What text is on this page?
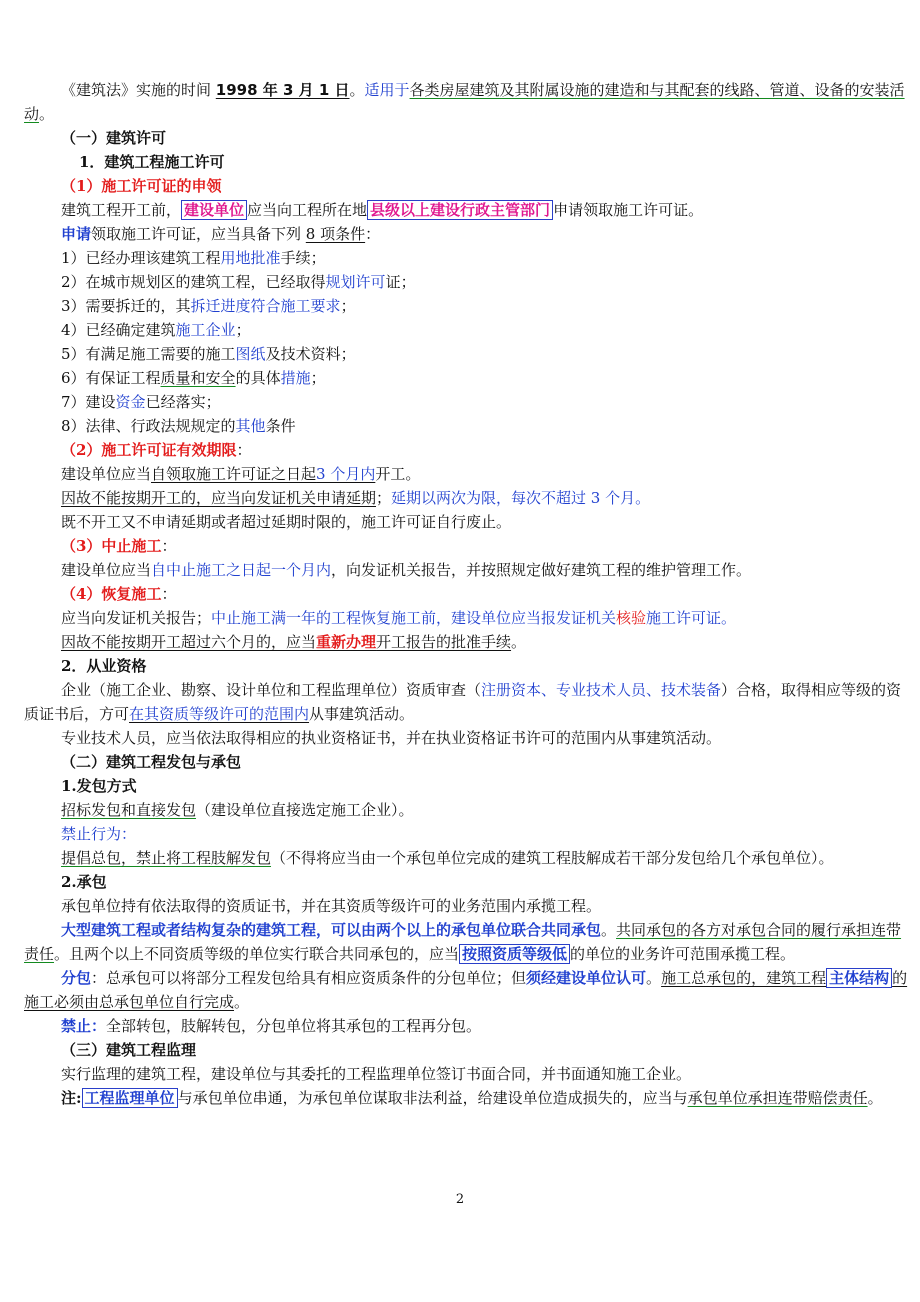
《建筑法》实施的时间 1998 年 3 月 1 日。适用于各类房屋建筑及其附属设施的建造和与其配套的线路、管道、设备的安装活动。

（一）建筑许可

1．建筑工程施工许可

（1）施工许可证的申领

建筑工程开工前， 建设单位 应当向工程所在地 县级以上建设行政主管部门 申请领取施工许可证。

申请领取施工许可证，应当具备下列 8 项条件：

1）已经办理该建筑工程用地批准手续；

2）在城市规划区的建筑工程，已经取得规划许可证；

3）需要拆迁的，其拆迁进度符合施工要求；

4）已经确定建筑施工企业；

5）有满足施工需要的施工图纸及技术资料；

6）有保证工程质量和安全的具体措施；

7）建设资金已经落实；

8）法律、行政法规规定的其他条件

（2）施工许可证有效期限：

建设单位应当自领取施工许可证之日起3 个月内开工。

因故不能按期开工的，应当向发证机关申请延期；延期以两次为限，每次不超过 3 个月。

既不开工又不申请延期或者超过延期时限的，施工许可证自行废止。

（3）中止施工：

建设单位应当自中止施工之日起一个月内，向发证机关报告，并按照规定做好建筑工程的维护管理工作。

（4）恢复施工：

应当向发证机关报告；中止施工满一年的工程恢复施工前，建设单位应当报发证机关核验施工许可证。

因故不能按期开工超过六个月的，应当重新办理开工报告的批准手续。

2．从业资格

企业（施工企业、勘察、设计单位和工程监理单位）资质审查（注册资本、专业技术人员、技术装备）合格，取得相应等级的资质证书后，方可在其资质等级许可的范围内从事建筑活动。

专业技术人员，应当依法取得相应的执业资格证书，并在执业资格证书许可的范围内从事建筑活动。

（二）建筑工程发包与承包

1.发包方式

招标发包和直接发包（建设单位直接选定施工企业）。

禁止行为：

提倡总包，禁止将工程肢解发包（不得将应当由一个承包单位完成的建筑工程肢解成若干部分发包给几个承包单位）。

2.承包

承包单位持有依法取得的资质证书，并在其资质等级许可的业务范围内承揽工程。

大型建筑工程或者结构复杂的建筑工程，可以由两个以上的承包单位联合共同承包。共同承包的各方对承包合同的履行承担连带责任。且两个以上不同资质等级的单位实行联合共同承包的，应当 按照资质等级低 的单位的业务许可范围承揽工程。

分包：总承包可以将部分工程发包给具有相应资质条件的分包单位；但须经建设单位认可。施工总承包的，建筑工程 主体结构 的施工必须由总承包单位自行完成。

禁止：全部转包，肢解转包，分包单位将其承包的工程再分包。

（三）建筑工程监理

实行监理的建筑工程，建设单位与其委托的工程监理单位签订书面合同，并书面通知施工企业。

注: 工程监理单位 与承包单位串通，为承包单位谋取非法利益，给建设单位造成损失的，应当与承包单位承担连带赔偿责任。

2
